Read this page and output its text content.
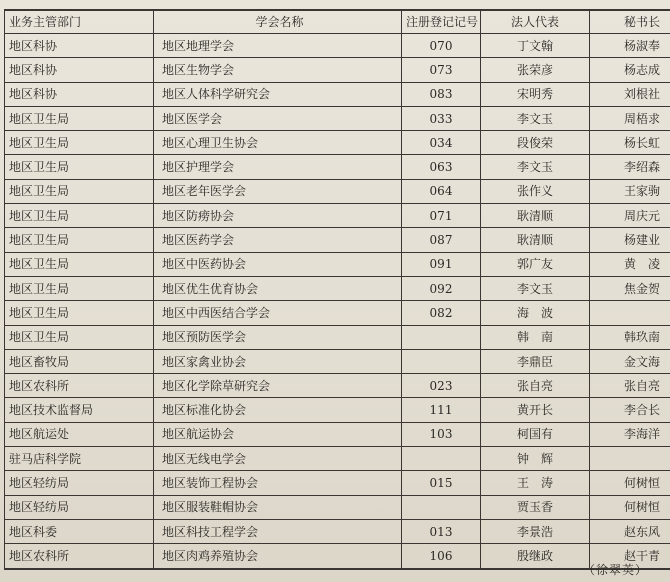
业务主管部门	学会名称	注册登记记号	法人代表	秘书长
地区科协	地区地理学会	070	丁文翰	杨淑奉
地区科协	地区生物学会	073	张荣彦	杨志成
地区科协	地区人体科学研究会	083	宋明秀	刘根社
地区卫生局	地区医学会	033	李文玉	周梧求
地区卫生局	地区心理卫生协会	034	段俊荣	杨长虹
地区卫生局	地区护理学会	063	李文玉	李绍森
地区卫生局	地区老年医学会	064	张作义	王家驹
地区卫生局	地区防痨协会	071	耿清顺	周庆元
地区卫生局	地区医药学会	087	耿清顺	杨建业
地区卫生局	地区中医药协会	091	郭广友	黄　凌
地区卫生局	地区优生优育协会	092	李文玉	焦金贺
地区卫生局	地区中西医结合学会	082	海　波	
地区卫生局	地区预防医学会		韩　南	韩玖南
地区畜牧局	地区家禽业协会		李鼎臣	金文海
地区农科所	地区化学除草研究会	023	张自亮	张自亮
地区技术监督局	地区标准化协会	111	黄开长	李合长
地区航运处	地区航运协会	103	柯国有	李海洋
驻马店科学院	地区无线电学会		钟　辉	
地区轻纺局	地区装饰工程协会	015	王　涛	何树恒
地区轻纺局	地区服装鞋帽协会		贾玉香	何树恒
地区科委	地区科技工程学会	013	李景浩	赵东风
地区农科所	地区肉鸡养殖协会	106	殷继政	赵干青
（徐翠英）
